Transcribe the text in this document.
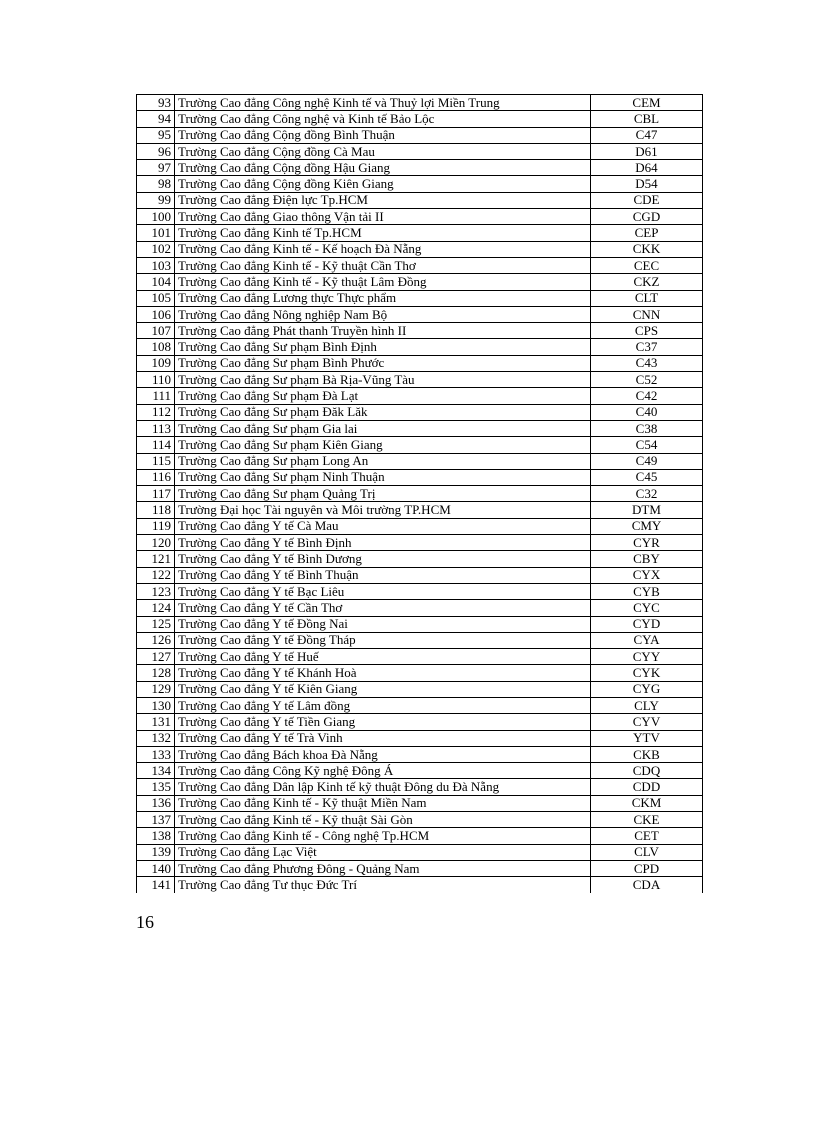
93	Trường Cao đẳng Công nghệ Kinh tế và Thuỷ lợi Miền Trung	CEM
94	Trường Cao đẳng Công nghệ và Kinh tế Bảo Lộc	CBL
95	Trường Cao đẳng Cộng đồng Bình Thuận	C47
96	Trường Cao đẳng Cộng đồng Cà Mau	D61
97	Trường Cao đẳng Cộng đồng Hậu Giang	D64
98	Trường Cao đẳng Cộng đồng Kiên Giang	D54
99	Trường Cao đẳng Điện lực Tp.HCM	CDE
100	Trường Cao đẳng Giao thông Vận tải II	CGD
101	Trường Cao đẳng Kinh tế Tp.HCM	CEP
102	Trường Cao đẳng Kinh tế - Kế hoạch Đà Nẵng	CKK
103	Trường Cao đẳng Kinh tế - Kỹ thuật Cần Thơ	CEC
104	Trường Cao đẳng Kinh tế - Kỹ thuật Lâm Đồng	CKZ
105	Trường Cao đẳng Lương thực Thực phẩm	CLT
106	Trường Cao đẳng Nông nghiệp Nam Bộ	CNN
107	Trường Cao đẳng Phát thanh Truyền hình II	CPS
108	Trường Cao đẳng Sư phạm Bình Định	C37
109	Trường Cao đẳng Sư phạm Bình Phước	C43
110	Trường Cao đẳng Sư phạm Bà Rịa-Vũng Tàu	C52
111	Trường Cao đẳng Sư phạm Đà Lạt	C42
112	Trường Cao đẳng Sư phạm Đăk Lăk	C40
113	Trường Cao đẳng Sư phạm Gia lai	C38
114	Trường Cao đẳng Sư phạm Kiên Giang	C54
115	Trường Cao đẳng Sư phạm Long An	C49
116	Trường Cao đẳng Sư phạm Ninh Thuận	C45
117	Trường Cao đẳng Sư phạm Quảng Trị	C32
118	Trường Đại học Tài nguyên và Môi trường TP.HCM	DTM
119	Trường Cao đẳng Y tế Cà Mau	CMY
120	Trường Cao đẳng Y tế Bình Định	CYR
121	Trường Cao đẳng Y tế Bình Dương	CBY
122	Trường Cao đẳng Y tế Bình Thuận	CYX
123	Trường Cao đẳng Y tế Bạc Liêu	CYB
124	Trường Cao đẳng Y tế Cần Thơ	CYC
125	Trường Cao đẳng Y tế Đồng Nai	CYD
126	Trường Cao đẳng Y tế Đồng Tháp	CYA
127	Trường Cao đẳng Y tế Huế	CYY
128	Trường Cao đẳng Y tế Khánh Hoà	CYK
129	Trường Cao đẳng Y tế Kiên Giang	CYG
130	Trường Cao đẳng Y tế Lâm đồng	CLY
131	Trường Cao đẳng Y tế Tiền Giang	CYV
132	Trường Cao đẳng Y tế Trà Vinh	YTV
133	Trường Cao đẳng Bách khoa Đà Nẵng	CKB
134	Trường Cao đẳng Công Kỹ nghệ Đông Á	CDQ
135	Trường Cao đẳng Dân lập Kinh tế kỹ thuật Đông du Đà Nẵng	CDD
136	Trường Cao đẳng Kinh tế - Kỹ thuật Miền Nam	CKM
137	Trường Cao đẳng Kinh tế - Kỹ thuật Sài Gòn	CKE
138	Trường Cao đẳng Kinh tế - Công nghệ Tp.HCM	CET
139	Trường Cao đẳng Lạc Việt	CLV
140	Trường Cao đẳng Phương Đông - Quảng Nam	CPD
141	Trường Cao đẳng Tư thục Đức Trí	CDA
16
